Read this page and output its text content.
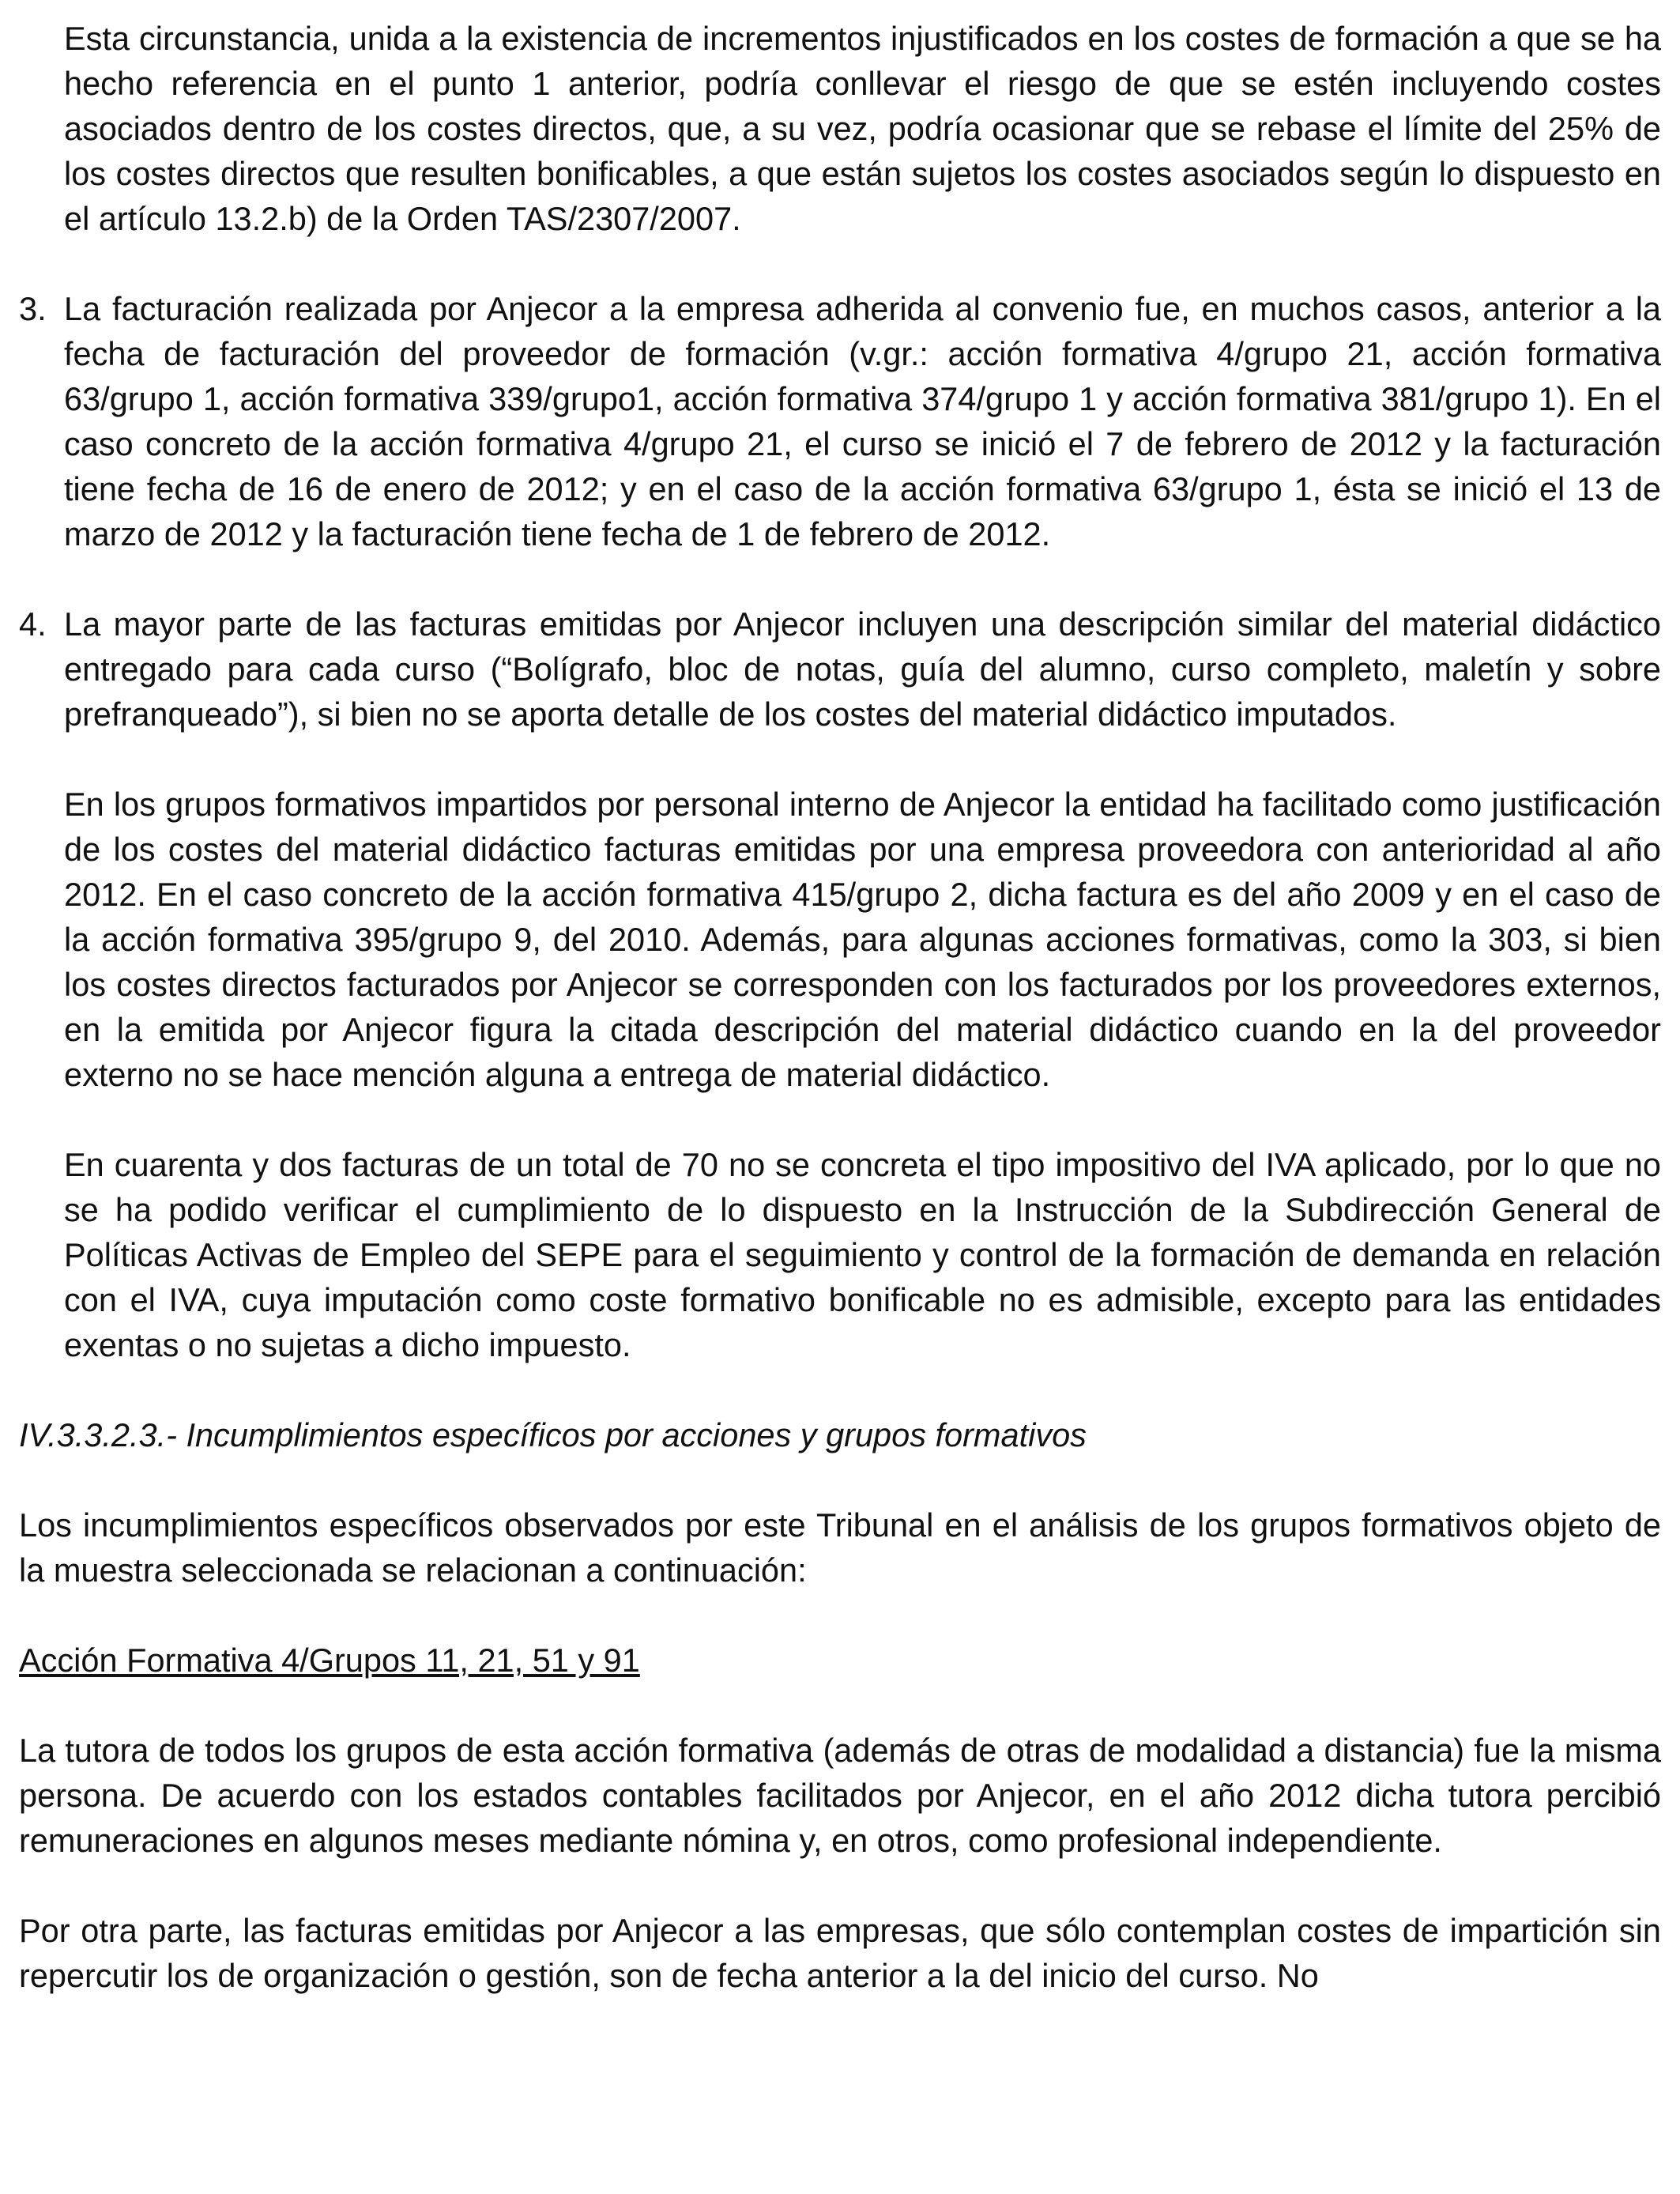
Esta circunstancia, unida a la existencia de incrementos injustificados en los costes de formación a que se ha hecho referencia en el punto 1 anterior, podría conllevar el riesgo de que se estén incluyendo costes asociados dentro de los costes directos, que, a su vez, podría ocasionar que se rebase el límite del 25% de los costes directos que resulten bonificables, a que están sujetos los costes asociados según lo dispuesto en el artículo 13.2.b) de la Orden TAS/2307/2007.

3. La facturación realizada por Anjecor a la empresa adherida al convenio fue, en muchos casos, anterior a la fecha de facturación del proveedor de formación (v.gr.: acción formativa 4/grupo 21, acción formativa 63/grupo 1, acción formativa 339/grupo1, acción formativa 374/grupo 1 y acción formativa 381/grupo 1). En el caso concreto de la acción formativa 4/grupo 21, el curso se inició el 7 de febrero de 2012 y la facturación tiene fecha de 16 de enero de 2012; y en el caso de la acción formativa 63/grupo 1, ésta se inició el 13 de marzo de 2012 y la facturación tiene fecha de 1 de febrero de 2012.
4. La mayor parte de las facturas emitidas por Anjecor incluyen una descripción similar del material didáctico entregado para cada curso (“Bolígrafo, bloc de notas, guía del alumno, curso completo, maletín y sobre prefranqueado”), si bien no se aporta detalle de los costes del material didáctico imputados.

En los grupos formativos impartidos por personal interno de Anjecor la entidad ha facilitado como justificación de los costes del material didáctico facturas emitidas por una empresa proveedora con anterioridad al año 2012. En el caso concreto de la acción formativa 415/grupo 2, dicha factura es del año 2009 y en el caso de la acción formativa 395/grupo 9, del 2010. Además, para algunas acciones formativas, como la 303, si bien los costes directos facturados por Anjecor se corresponden con los facturados por los proveedores externos, en la emitida por Anjecor figura la citada descripción del material didáctico cuando en la del proveedor externo no se hace mención alguna a entrega de material didáctico.

En cuarenta y dos facturas de un total de 70 no se concreta el tipo impositivo del IVA aplicado, por lo que no se ha podido verificar el cumplimiento de lo dispuesto en la Instrucción de la Subdirección General de Políticas Activas de Empleo del SEPE para el seguimiento y control de la formación de demanda en relación con el IVA, cuya imputación como coste formativo bonificable no es admisible, excepto para las entidades exentas o no sujetas a dicho impuesto.

IV.3.3.2.3.- Incumplimientos específicos por acciones y grupos formativos

Los incumplimientos específicos observados por este Tribunal en el análisis de los grupos formativos objeto de la muestra seleccionada se relacionan a continuación:

Acción Formativa 4/Grupos 11, 21, 51 y 91

La tutora de todos los grupos de esta acción formativa (además de otras de modalidad a distancia) fue la misma persona. De acuerdo con los estados contables facilitados por Anjecor, en el año 2012 dicha tutora percibió remuneraciones en algunos meses mediante nómina y, en otros, como profesional independiente.

Por otra parte, las facturas emitidas por Anjecor a las empresas, que sólo contemplan costes de impartición sin repercutir los de organización o gestión, son de fecha anterior a la del inicio del curso. No
